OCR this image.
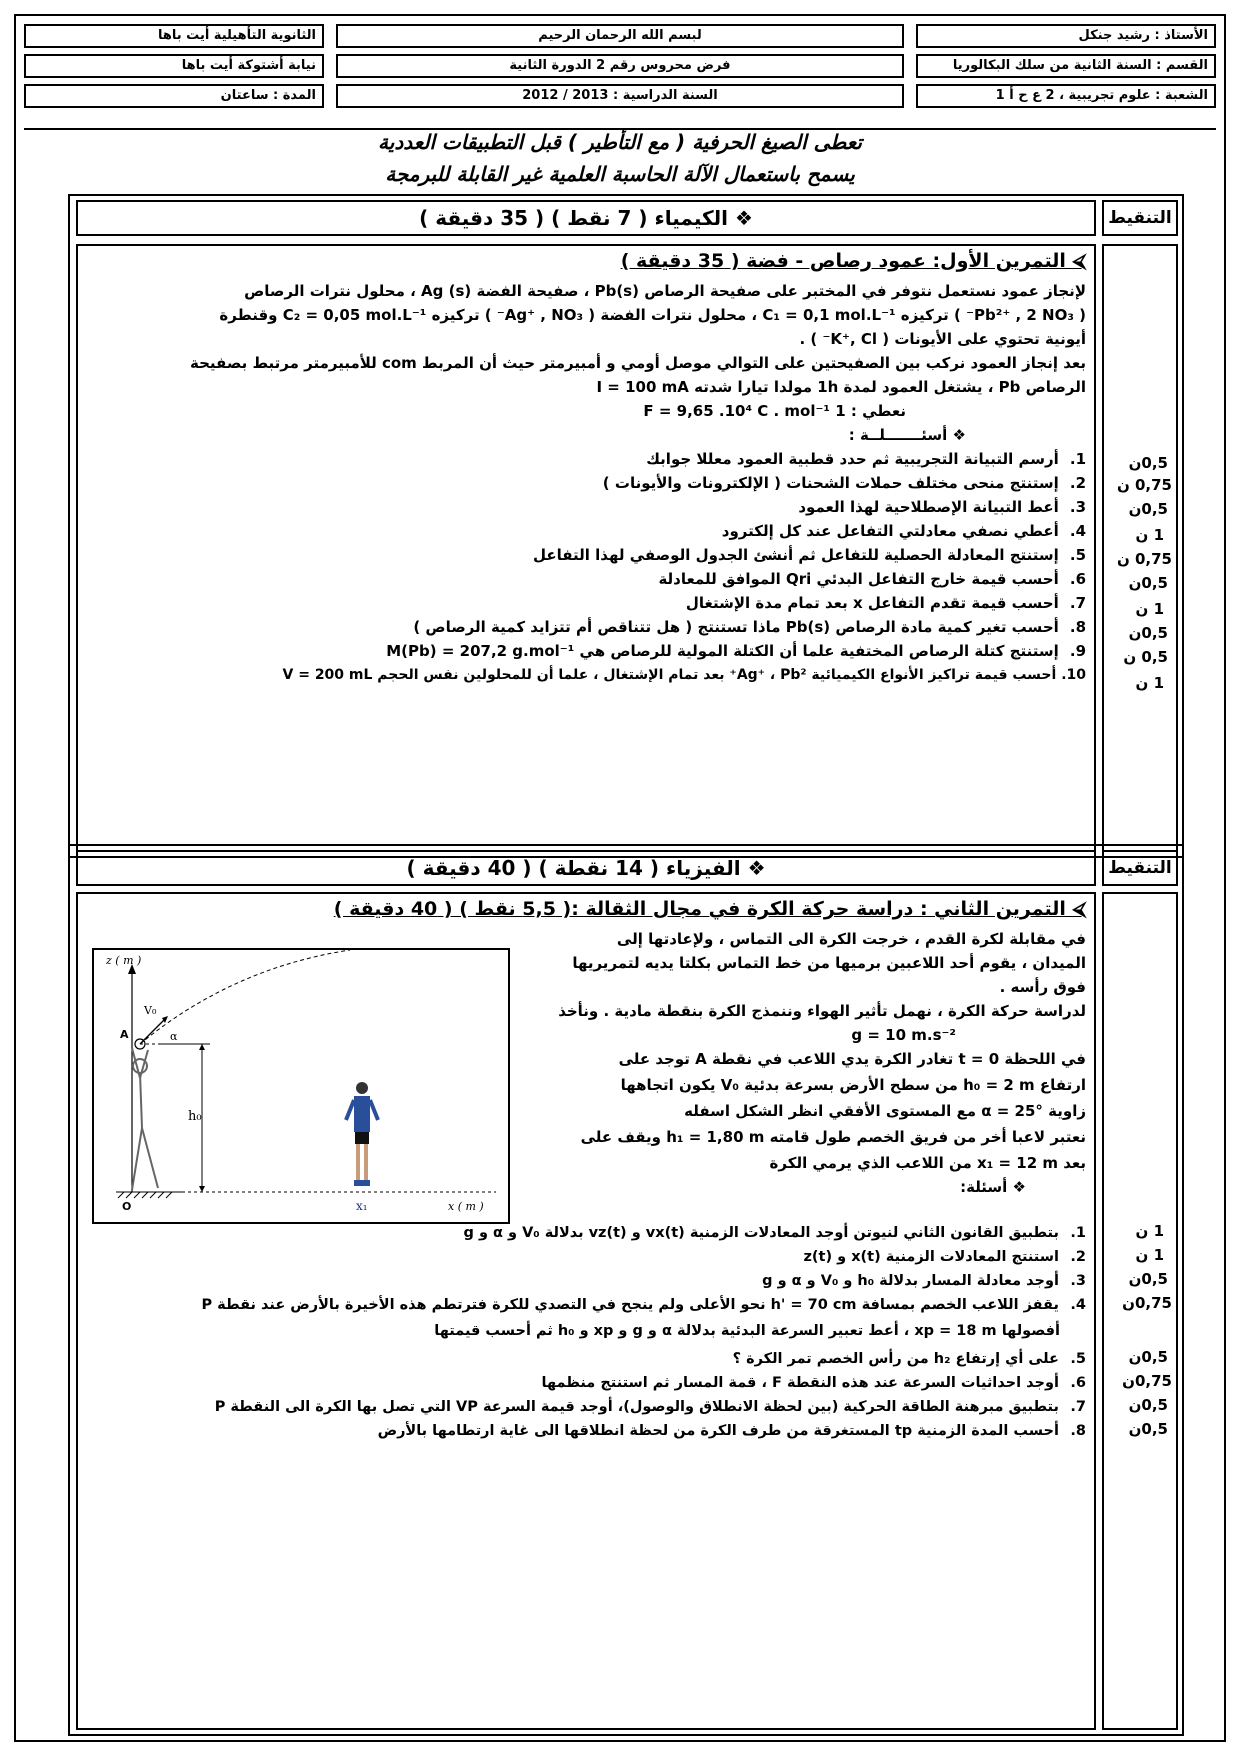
الأستاذ : رشيد جنكل
لبسم الله الرحمان الرحيم
الثانوية التأهيلية أيت باها
القسم : السنة الثانية من سلك البكالوريا
فرض محروس رقم 2 الدورة الثانية
نيابة أشتوكة أيت باها
الشعبة : علوم تجريبية ، 2 ع ح أ 1
السنة الدراسية : 2013 / 2012
المدة : ساعتان
تعطى الصيغ الحرفية ( مع التأطير ) قبل التطبيقات العددية
يسمح باستعمال الآلة الحاسبة العلمية غير القابلة للبرمجة
❖ الكيمياء ( 7 نقط ) ( 35 دقيقة )	التنقيط
⮘ التمرين الأول: عمود رصاص - فضة ( 35 دقيقة )
لإنجاز عمود نستعمل نتوفر في المختبر على صفيحة الرصاص Pb(s) ، صفيحة الفضة Ag (s) ، محلول نترات الرصاص
( Pb²⁺ , 2 NO₃⁻ ) تركيزه C₁ = 0,1 mol.L⁻¹ ، محلول نترات الفضة ( Ag⁺ , NO₃⁻ ) تركيزه C₂ = 0,05 mol.L⁻¹ وقنطرة
أيونية تحتوي على الأيونات ( K⁺, Cl⁻ ) .
بعد إنجاز العمود نركب بين الصفيحتين على التوالي موصل أومي و أمبيرمتر حيث أن المربط com للأمبيرمتر مرتبط بصفيحة
الرصاص Pb ، يشتغل العمود لمدة 1h مولدا تيارا شدته I = 100 mA
نعطي : 1 F = 9,65 .10⁴ C . mol⁻¹
❖ أسئـــــــلــة :
1. أرسم التبيانة التجريبية ثم حدد قطبية العمود معللا جوابك
2. إستنتج منحى مختلف حملات الشحنات ( الإلكترونات والأيونات )
3. أعط التبيانة الإصطلاحية لهذا العمود
4. أعطي نصفي معادلتي التفاعل عند كل إلكترود
5. إستنتج المعادلة الحصلية للتفاعل ثم أنشئ الجدول الوصفي لهذا التفاعل
6. أحسب قيمة خارج التفاعل البدئي Qri الموافق للمعادلة
7. أحسب قيمة تقدم التفاعل x بعد تمام مدة الإشتغال
8. أحسب تغير كمية مادة الرصاص Pb(s) ماذا تستنتج ( هل تتناقص أم تتزايد كمية الرصاص )
9. إستنتج كتلة الرصاص المختفية علما أن الكتلة المولية للرصاص هي M(Pb) = 207,2 g.mol⁻¹
10. أحسب قيمة تراكيز الأنواع الكيميائية Ag⁺ ، Pb²⁺ بعد تمام الإشتغال ، علما أن للمحلولين نفس الحجم V = 200 mL
0,5ن
0,75 ن
0,5ن
1 ن
0,75 ن
0,5ن
1 ن
0,5ن
0,5 ن
1 ن
❖ الفيزياء ( 14 نقطة ) ( 40 دقيقة )	التنقيط
⮘ التمرين الثاني : دراسة حركة الكرة في مجال الثقالة :( 5,5 نقط ) ( 40 دقيقة )
في مقابلة لكرة القدم ، خرجت الكرة الى التماس ، ولإعادتها إلى
الميدان ، يقوم أحد اللاعبين برميها من خط التماس بكلتا يديه لتمريريها
فوق رأسه .
لدراسة حركة الكرة ، نهمل تأثير الهواء وننمذج الكرة بنقطة مادية . ونأخذ
g = 10 m.s⁻²
في اللحظة t = 0 تغادر الكرة يدي اللاعب في نقطة A توجد على
ارتفاع h₀ = 2 m من سطح الأرض بسرعة بدئية V₀ يكون اتجاهها
زاوية α = 25° مع المستوى الأفقي انظر الشكل اسفله
نعتبر لاعبا أخر من فريق الخصم طول قامته h₁ = 1,80 m ويقف على
بعد x₁ = 12 m من اللاعب الذي يرمي الكرة
❖ أسئلة:
z ( m )
x ( m )
O
A
V₀
α
h₀
x₁
1. بتطبيق القانون الثاني لنيوتن أوجد المعادلات الزمنية vx(t) و vz(t) بدلالة V₀ و α و g
2. استنتج المعادلات الزمنية x(t) و z(t)
3. أوجد معادلة المسار بدلالة h₀ و V₀ و α و g
4. يقفز اللاعب الخصم بمسافة h' = 70 cm نحو الأعلى ولم ينجح في التصدي للكرة فترتطم هذه الأخيرة بالأرض عند نقطة P
أفصولها xp = 18 m ، أعط تعبير السرعة البدئية بدلالة α و g و xp و h₀ ثم أحسب قيمتها
5. على أي إرتفاع h₂ من رأس الخصم تمر الكرة ؟
6. أوجد احداثيات السرعة عند هذه النقطة F ، قمة المسار ثم استنتج منظمها
7. بتطبيق مبرهنة الطاقة الحركية (بين لحظة الانطلاق والوصول)، أوجد قيمة السرعة VP التي تصل بها الكرة الى النقطة P
8. أحسب المدة الزمنية tp المستغرقة من طرف الكرة من لحظة انطلاقها الى غاية ارتطامها بالأرض
1 ن
1 ن
0,5ن
0,75ن
0,5ن
0,75ن
0,5ن
0,5ن
